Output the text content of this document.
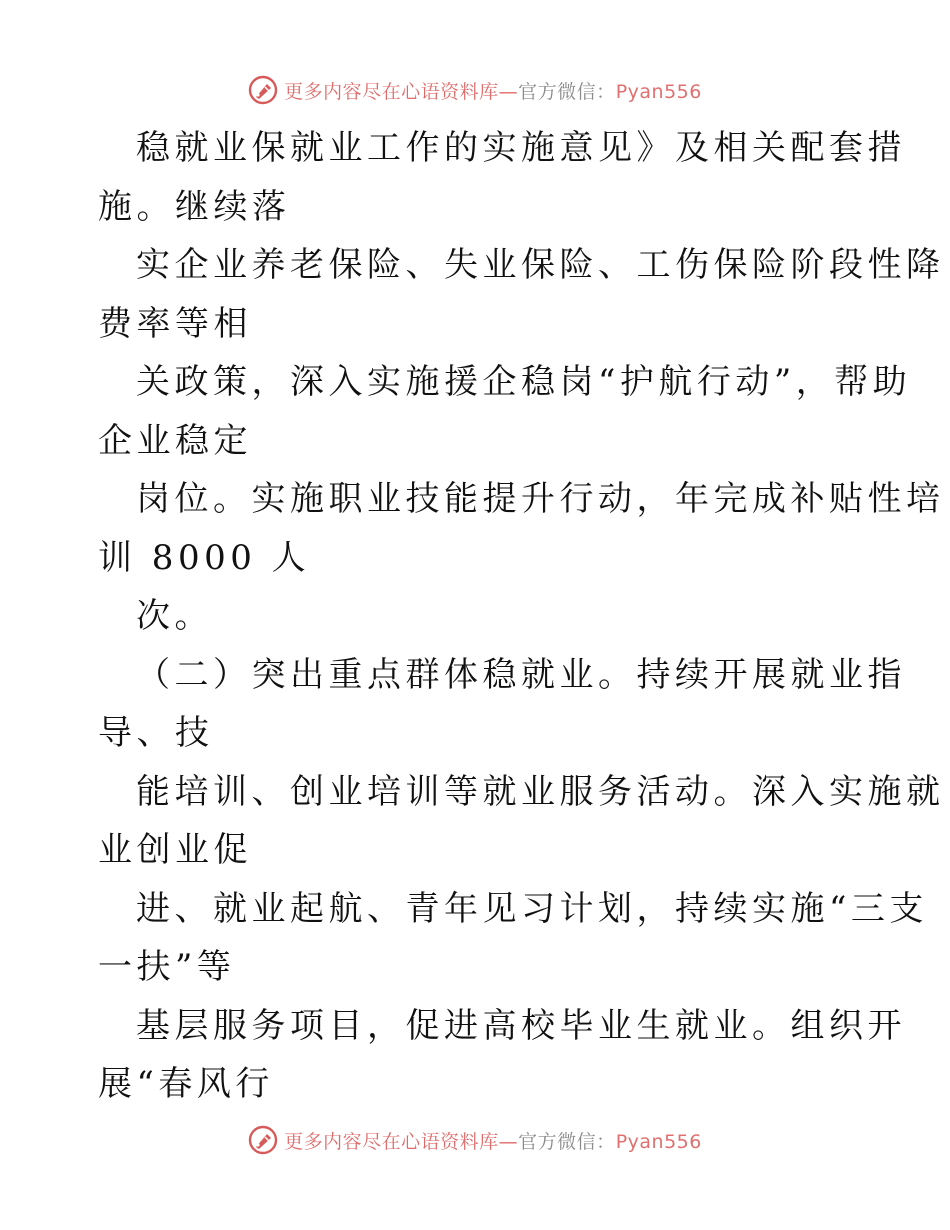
更多内容尽在心语资料库—官方微信：Pyan556
稳就业保就业工作的实施意见》及相关配套措
施。继续落
实企业养老保险、失业保险、工伤保险阶段性降
费率等相
关政策，深入实施援企稳岗“护航行动”，帮助
企业稳定
岗位。实施职业技能提升行动，年完成补贴性培
训 8000 人
次。
（二）突出重点群体稳就业。持续开展就业指
导、技
能培训、创业培训等就业服务活动。深入实施就
业创业促
进、就业起航、青年见习计划，持续实施“三支
一扶”等
基层服务项目，促进高校毕业生就业。组织开
展“春风行
更多内容尽在心语资料库—官方微信：Pyan556
